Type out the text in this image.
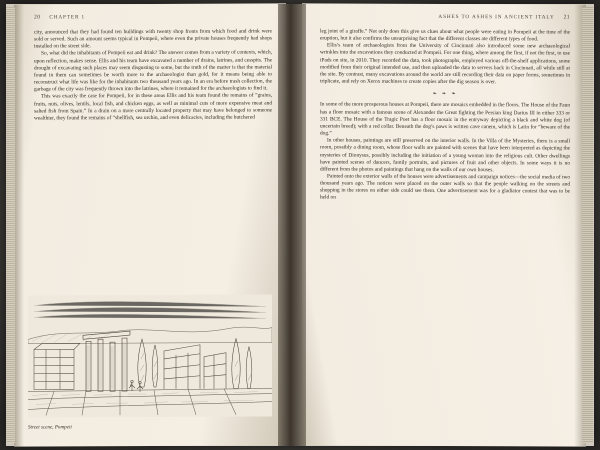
20 CHAPTER 1

city, announced that they had found ten buildings with twenty shop fronts from which food and drink were sold or served. Such an amount seems typical in Pompeii, where even the private houses frequently had shops installed on the street side.

So, what did the inhabitants of Pompeii eat and drink? The answer comes from a variety of contexts, which, upon reflection, makes sense. Ellis and his team have excavated a number of drains, latrines, and cesspits. The drought of excavating such places may seem disgusting to some, but the truth of the matter is that the material found in them can sometimes be worth more to the archaeologist than gold, for it means being able to reconstruct what life was like for the inhabitants two thousand years ago. In an era before trash collection, the garbage of the city was frequently thrown into the latrines, where it remained for the archaeologists to find it.

This was exactly the case for Pompeii, for in these areas Ellis and his team found the remains of “grains, fruits, nuts, olives, lentils, local fish, and chicken eggs, as well as minimal cuts of more expensive meat and salted fish from Spain.” In a drain on a more centrally located property that may have belonged to someone wealthier, they found the remains of “shellfish, sea urchin, and even delicacies, including the butchered

Street scene, Pompeii
ASHES TO ASHES IN ANCIENT ITALY 21

leg joint of a giraffe.” Not only does this give us clues about what people were eating in Pompeii at the time of the eruption, but it also confirms the unsurprising fact that the different classes ate different types of food.

Ellis’s team of archaeologists from the University of Cincinnati also introduced some new archaeological wrinkles into the excavations they conducted at Pompeii. For one thing, where among the first, if not the first, to use iPads on site, in 2010. They recorded the data, took photographs, employed various off-the-shelf applications, some modified from their original intended use, and then uploaded the data to servers back in Cincinnati, all while still at the site. By contrast, many excavations around the world are still recording their data on paper forms, sometimes in triplicate, and rely on Xerox machines to create copies after the dig season is over.

❧ ❧ ❧

In some of the more prosperous houses at Pompeii, there are mosaics embedded in the floors. The House of the Faun has a floor mosaic with a famous scene of Alexander the Great fighting the Persian king Darius III in either 333 or 331 BCE. The House of the Tragic Poet has a floor mosaic in the entryway depicting a black and white dog (of uncertain breed); with a red collar. Beneath the dog’s paws is written cave canem, which is Latin for “beware of the dog.”

In other houses, paintings are still preserved on the interior walls. In the Villa of the Mysteries, there is a small room, possibly a dining room, whose floor walls are painted with scenes that have been interpreted as depicting the mysteries of Dionysus, possibly including the initiation of a young woman into the religious cult. Other dwellings have painted scenes of dancers, family portraits, and pictures of fruit and other objects. In some ways it is no different from the photos and paintings that hang on the walls of our own houses.

Painted onto the exterior walls of the houses were advertisements and campaign notices—the social media of two thousand years ago. The notices were placed on the outer walls so that the people walking on the streets and shopping in the stores on either side could see them. One advertisement was for a gladiator contest that was to be held on
